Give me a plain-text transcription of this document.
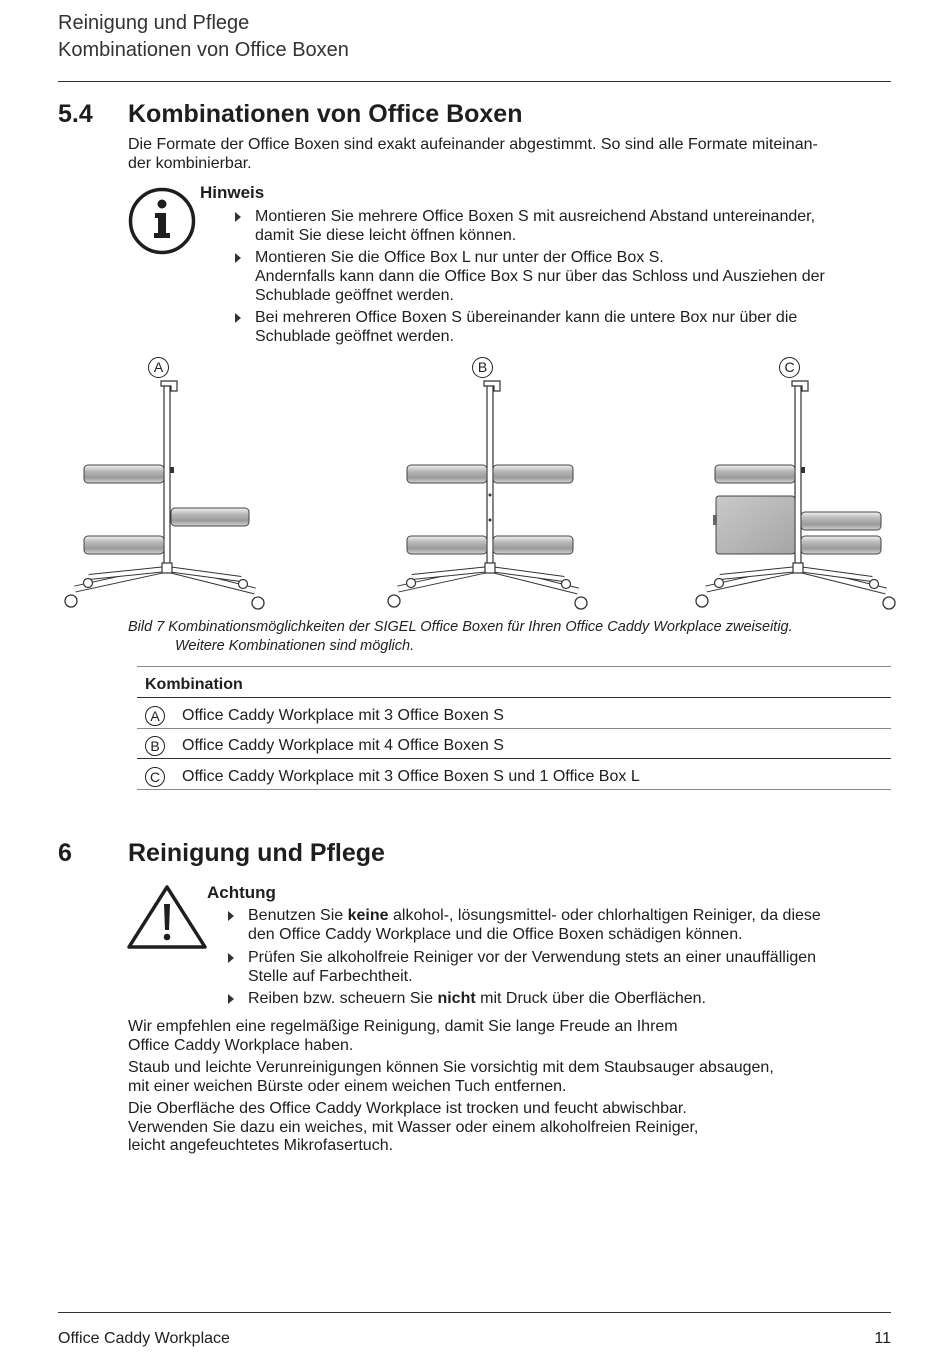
Reinigung und Pflege
Kombinationen von Office Boxen
5.4 Kombinationen von Office Boxen
Die Formate der Office Boxen sind exakt aufeinander abgestimmt. So sind alle Formate miteinan-
der kombinierbar.
Hinweis

Montieren Sie mehrere Office Boxen S mit ausreichend Abstand untereinander,

damit Sie diese leicht öffnen können.

Montieren Sie die Office Box L nur unter der Office Box S.

Andernfalls kann dann die Office Box S nur über das Schloss und Ausziehen der

Schublade geöffnet werden.

Bei mehreren Office Boxen S übereinander kann die untere Box nur über die

Schublade geöffnet werden.

A	B	C
Bild 7 Kombinationsmöglichkeiten der SIGEL Office Boxen für Ihren Office Caddy Workplace zweiseitig.
Weitere Kombinationen sind möglich.
Kombination
A	Office Caddy Workplace mit 3 Office Boxen S
B	Office Caddy Workplace mit 4 Office Boxen S
C	Office Caddy Workplace mit 3 Office Boxen S und 1 Office Box L
6 Reinigung und Pflege
Achtung

Benutzen Sie keine alkohol-, lösungsmittel- oder chlorhaltigen Reiniger, da diese

den Office Caddy Workplace und die Office Boxen schädigen können.

Prüfen Sie alkoholfreie Reiniger vor der Verwendung stets an einer unauffälligen

Stelle auf Farbechtheit.

Reiben bzw. scheuern Sie nicht mit Druck über die Oberflächen.

Wir empfehlen eine regelmäßige Reinigung, damit Sie lange Freude an Ihrem
Office Caddy Workplace haben.
Staub und leichte Verunreinigungen können Sie vorsichtig mit dem Staubsauger absaugen,
mit einer weichen Bürste oder einem weichen Tuch entfernen.
Die Oberfläche des Office Caddy Workplace ist trocken und feucht abwischbar.
Verwenden Sie dazu ein weiches, mit Wasser oder einem alkoholfreien Reiniger,
leicht angefeuchtetes Mikrofasertuch.
Office Caddy Workplace	11
